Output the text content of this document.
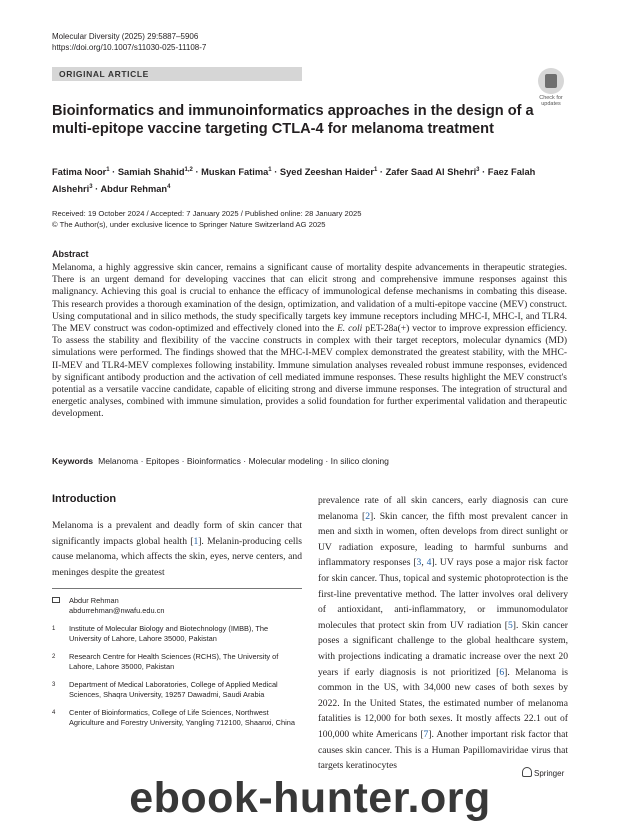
Molecular Diversity (2025) 29:5887–5906
https://doi.org/10.1007/s11030-025-11108-7
ORIGINAL ARTICLE
Check for
updates
Bioinformatics and immunoinformatics approaches in the design of a multi-epitope vaccine targeting CTLA-4 for melanoma treatment
Fatima Noor$^1$ · Samiah Shahid$^{1,2}$ · Muskan Fatima$^1$ · Syed Zeeshan Haider$^1$ · Zafer Saad Al Shehri$^3$ · Faez Falah Alshehri$^3$ · Abdur Rehman$^4$
Received: 19 October 2024 / Accepted: 7 January 2025 / Published online: 28 January 2025
© The Author(s), under exclusive licence to Springer Nature Switzerland AG 2025
Abstract
Melanoma, a highly aggressive skin cancer, remains a significant cause of mortality despite advancements in therapeutic strategies. There is an urgent demand for developing vaccines that can elicit strong and comprehensive immune responses against this malignancy. Achieving this goal is crucial to enhance the efficacy of immunological defense mechanisms in combating this disease. This research provides a thorough examination of the design, optimization, and validation of a multi-epitope vaccine (MEV) construct. Using computational and in silico methods, the study specifically targets key immune receptors including MHC-I, MHC-I, and TLR4. The MEV construct was codon-optimized and effectively cloned into the E. coli pET-28a(+) vector to improve expression efficiency. To assess the stability and flexibility of the vaccine constructs in complex with their target receptors, molecular dynamics (MD) simulations were performed. The findings showed that the MHC-I-MEV complex demonstrated the greatest stability, with the MHC-II-MEV and TLR4-MEV complexes following instability. Immune simulation analyses revealed robust immune responses, evidenced by significant antibody production and the activation of cell mediated immune responses. These results highlight the MEV construct's potential as a versatile vaccine candidate, capable of eliciting strong and diverse immune responses. The integration of structural and energetic analyses, combined with immune simulation, provides a solid foundation for further experimental validation and therapeutic development.
Keywords Melanoma · Epitopes · Bioinformatics · Molecular modeling · In silico cloning
Introduction
Melanoma is a prevalent and deadly form of skin cancer that significantly impacts global health [1]. Melanin-producing cells cause melanoma, which affects the skin, eyes, nerve centers, and meninges despite the greatest
prevalence rate of all skin cancers, early diagnosis can cure melanoma [2]. Skin cancer, the fifth most prevalent cancer in men and sixth in women, often develops from direct sunlight or UV radiation exposure, leading to harmful sunburns and inflammatory responses [3, 4]. UV rays pose a major risk factor for skin cancer. Thus, topical and systemic photoprotection is the first-line preventative method. The latter involves oral delivery of antioxidant, anti-inflammatory, or immunomodulator molecules that protect skin from UV radiation [5]. Skin cancer poses a significant challenge to the global healthcare system, with projections indicating a dramatic increase over the next 20 years if early diagnosis is not prioritized [6]. Melanoma is common in the US, with 34,000 new cases of both sexes by 2022. In the United States, the estimated number of melanoma fatalities is 12,000 for both sexes. It mostly affects 22.1 out of 100,000 white Americans [7]. Another important risk factor that causes skin cancer. This is a Human Papillomaviridae virus that targets keratinocytes
Abdur Rehman
abdurrehman@nwafu.edu.cn
1 Institute of Molecular Biology and Biotechnology (IMBB), The University of Lahore, Lahore 35000, Pakistan
2 Research Centre for Health Sciences (RCHS), The University of Lahore, Lahore 35000, Pakistan
3 Department of Medical Laboratories, College of Applied Medical Sciences, Shaqra University, 19257 Dawadmi, Saudi Arabia
4 Center of Bioinformatics, College of Life Sciences, Northwest Agriculture and Forestry University, Yangling 712100, Shaanxi, China
Springer
ebook-hunter.org
